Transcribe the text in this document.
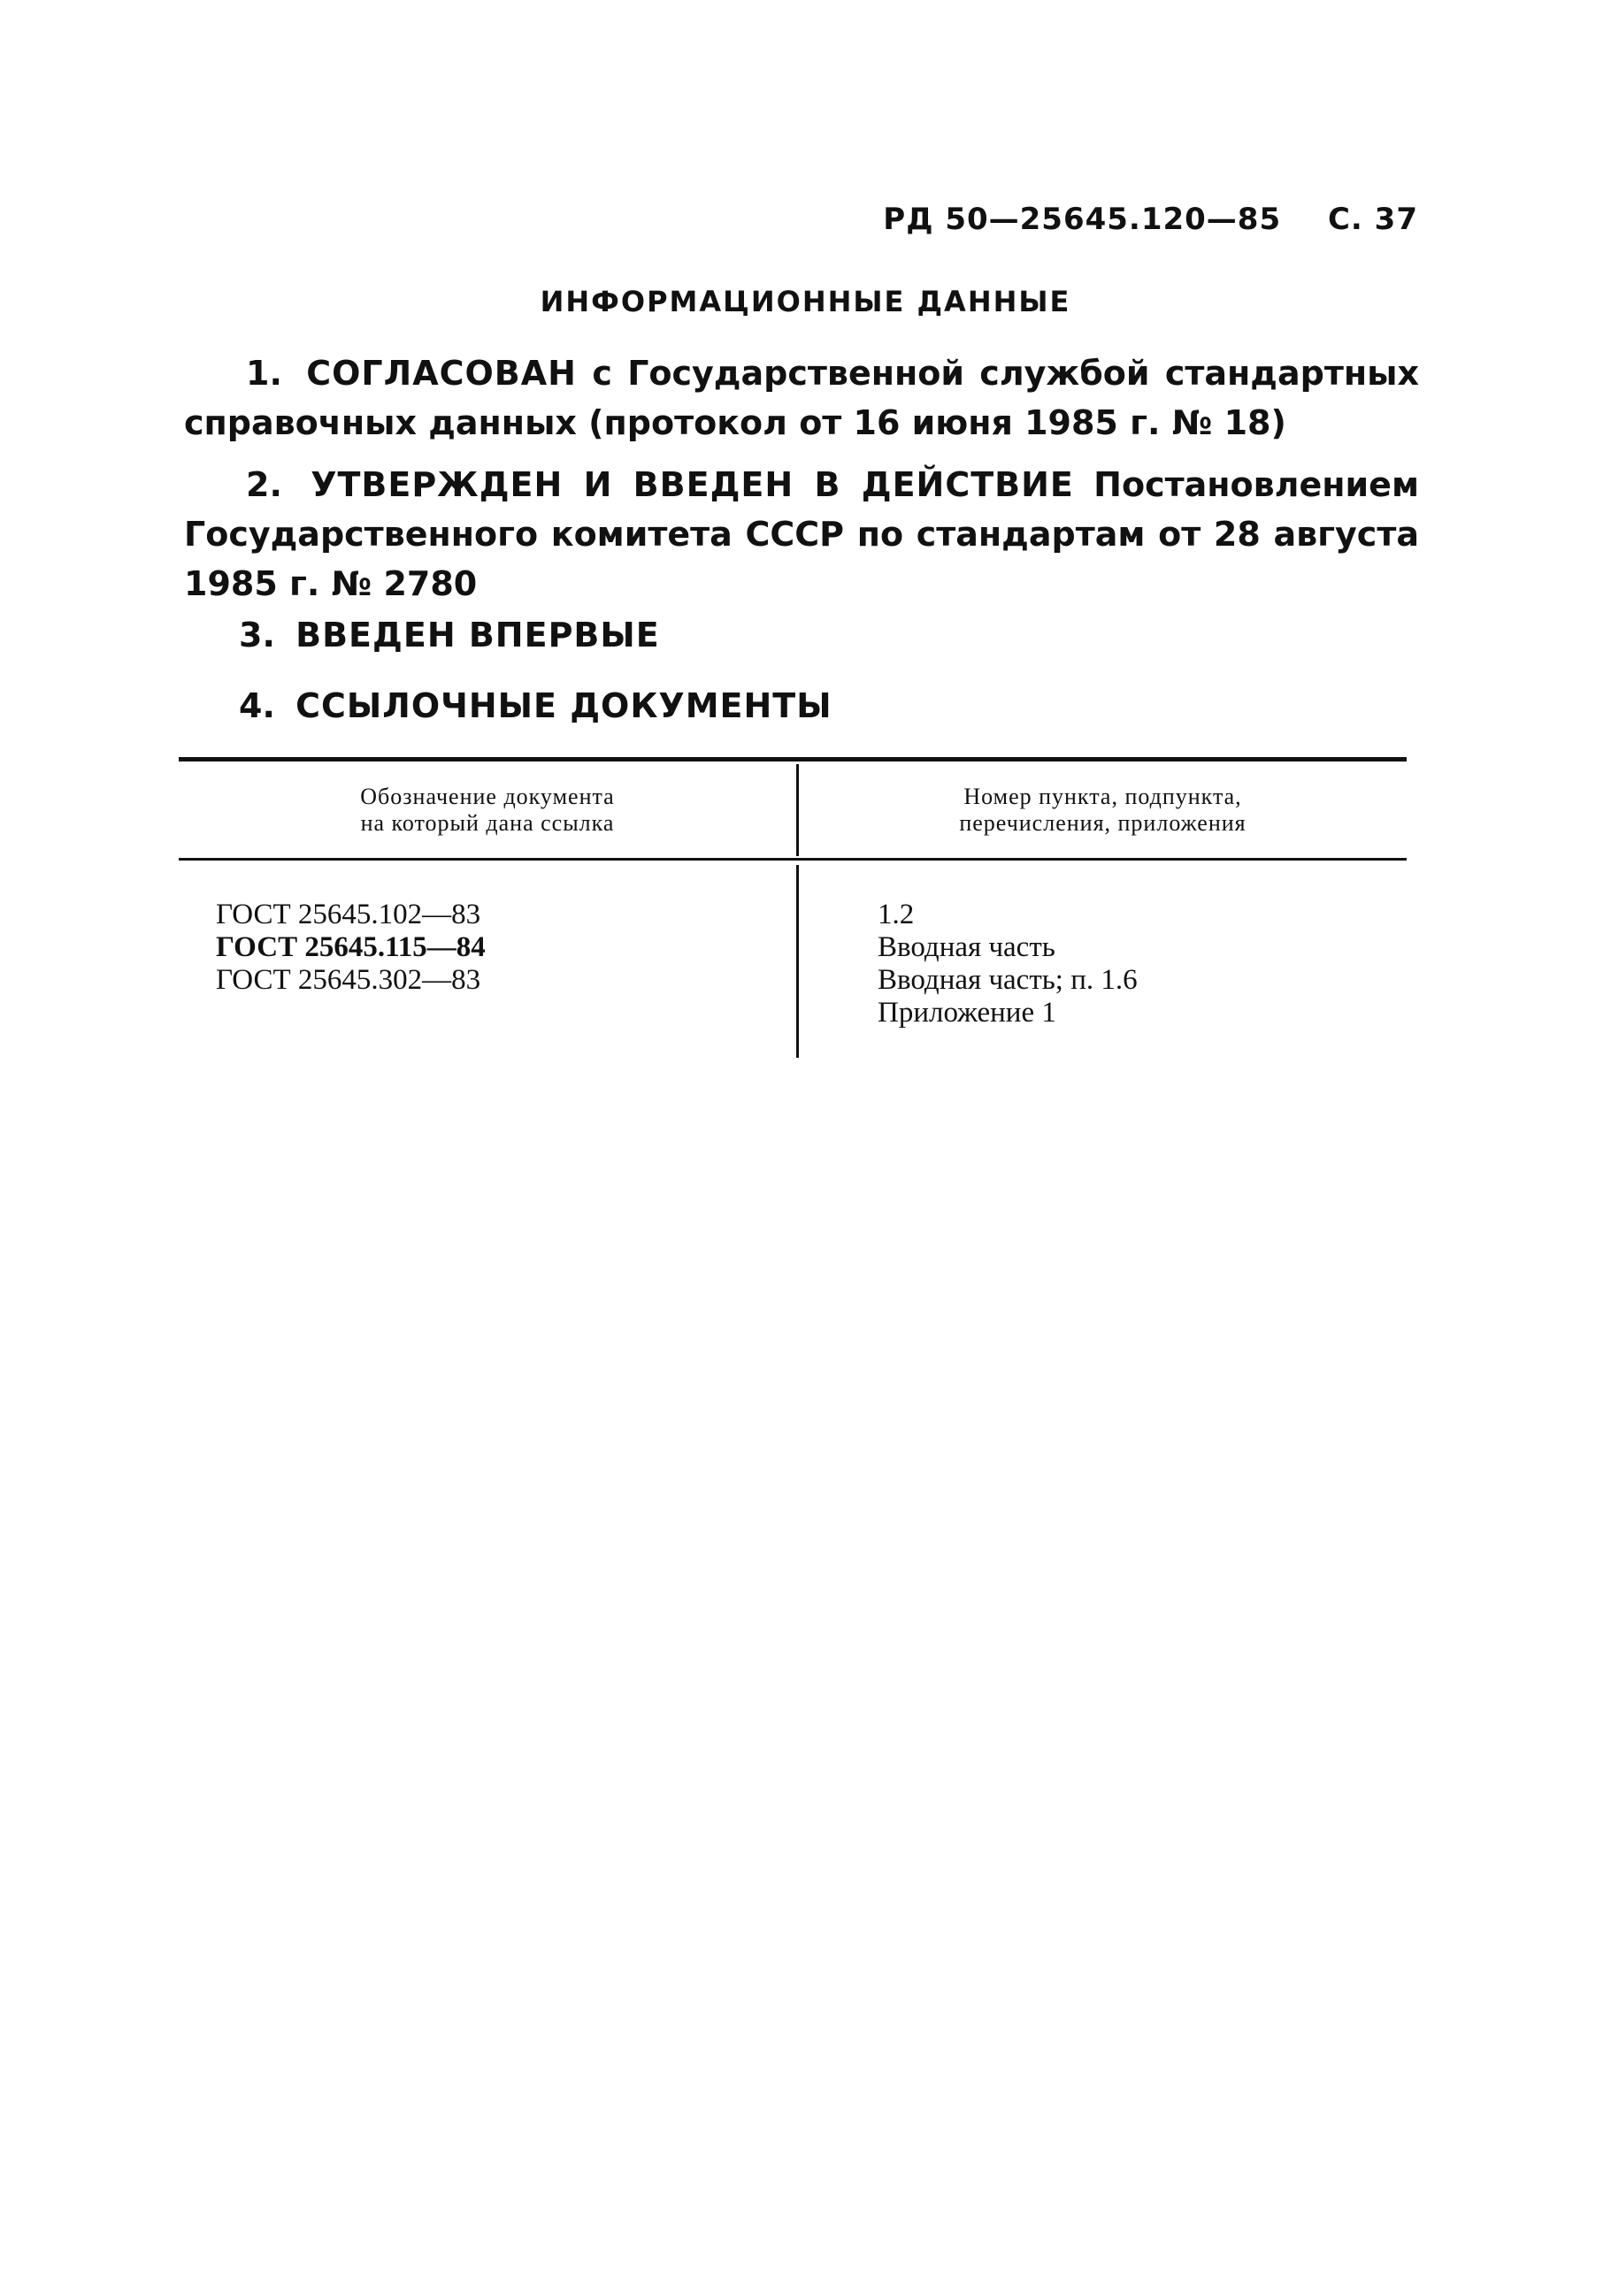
РД 50—25645.120—85 С. 37
ИНФОРМАЦИОННЫЕ ДАННЫЕ
1. СОГЛАСОВАН с Государственной службой стандартных справочных данных (протокол от 16 июня 1985 г. № 18)
2. УТВЕРЖДЕН И ВВЕДЕН В ДЕЙСТВИЕ Постановлением Государственного комитета СССР по стандартам от 28 августа 1985 г. № 2780
3. ВВЕДЕН ВПЕРВЫЕ
4. ССЫЛОЧНЫЕ ДОКУМЕНТЫ
Обозначение документа
на который дана ссылка
Номер пункта, подпункта,
перечисления, приложения
ГОСТ 25645.102—83
ГОСТ 25645.115—84
ГОСТ 25645.302—83
1.2
Вводная часть
Вводная часть; п. 1.6
Приложение 1
